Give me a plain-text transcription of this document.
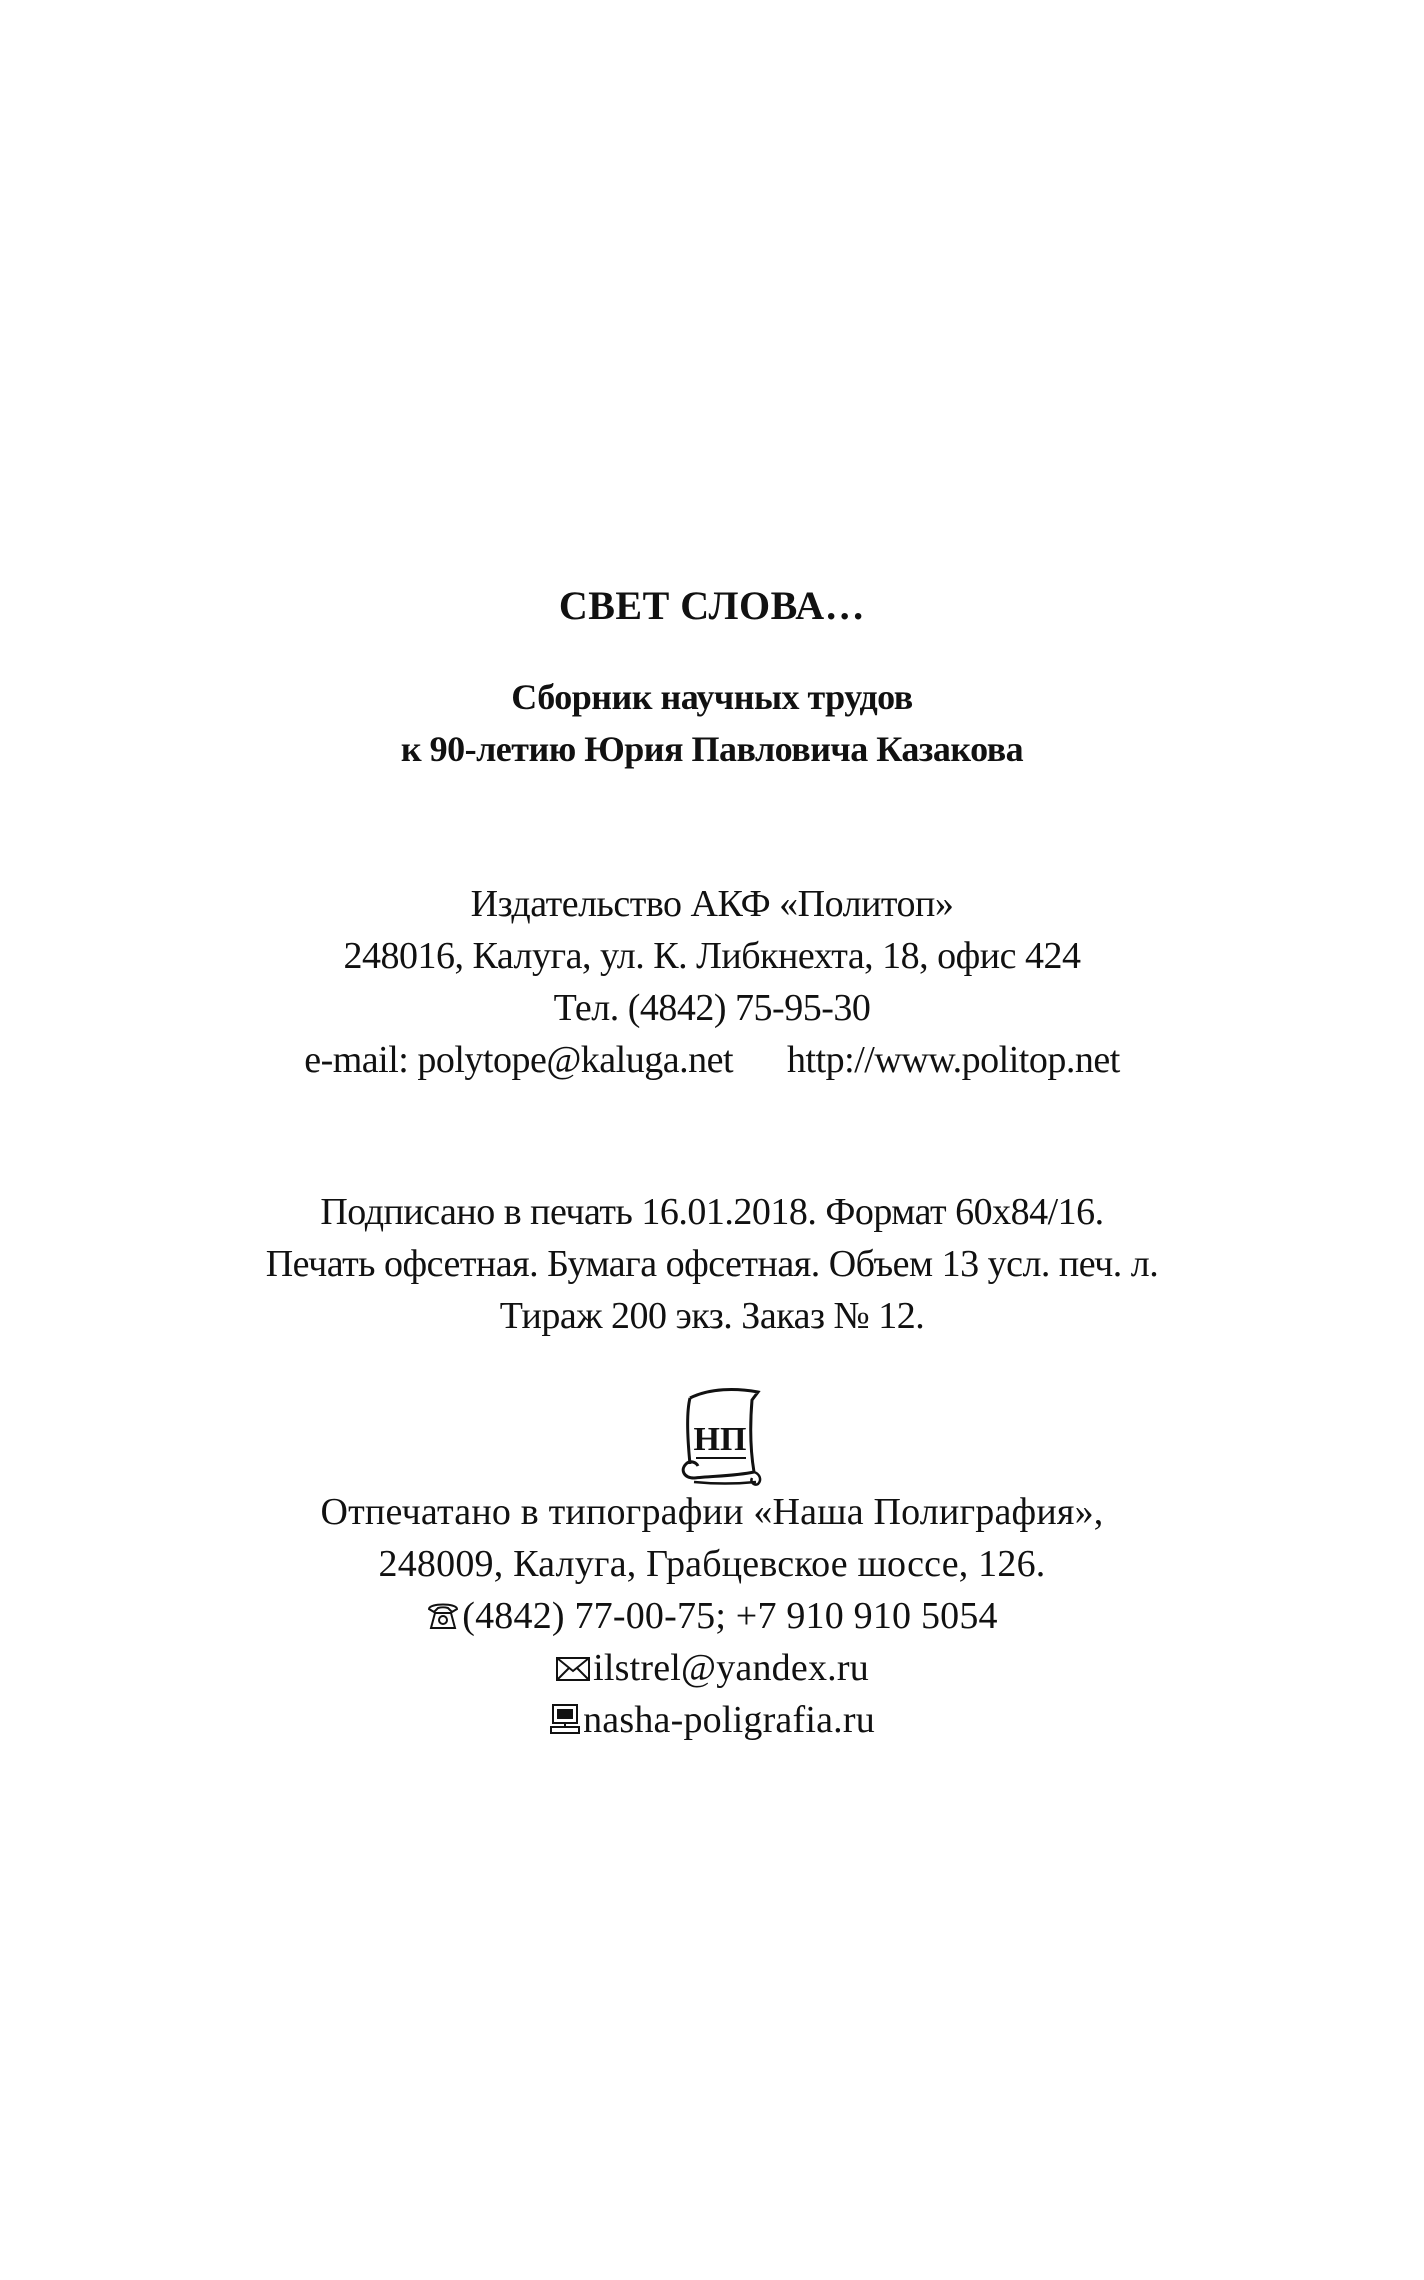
СВЕТ СЛОВА…
Сборник научных трудов
к 90-летию Юрия Павловича Казакова
Издательство АКФ «Политоп»
248016, Калуга, ул. К. Либкнехта, 18, офис 424
Тел. (4842) 75-95-30
e-mail: polytope@kaluga.net http://www.politop.net
Подписано в печать 16.01.2018. Формат 60x84/16.
Печать офсетная. Бумага офсетная. Объем 13 усл. печ. л.
Тираж 200 экз. Заказ № 12.
НП
Отпечатано в типографии «Наша Полиграфия»,
248009, Калуга, Грабцевское шоссе, 126.
(4842) 77-00-75; +7 910 910 5054
ilstrel@yandex.ru
nasha-poligrafia.ru
